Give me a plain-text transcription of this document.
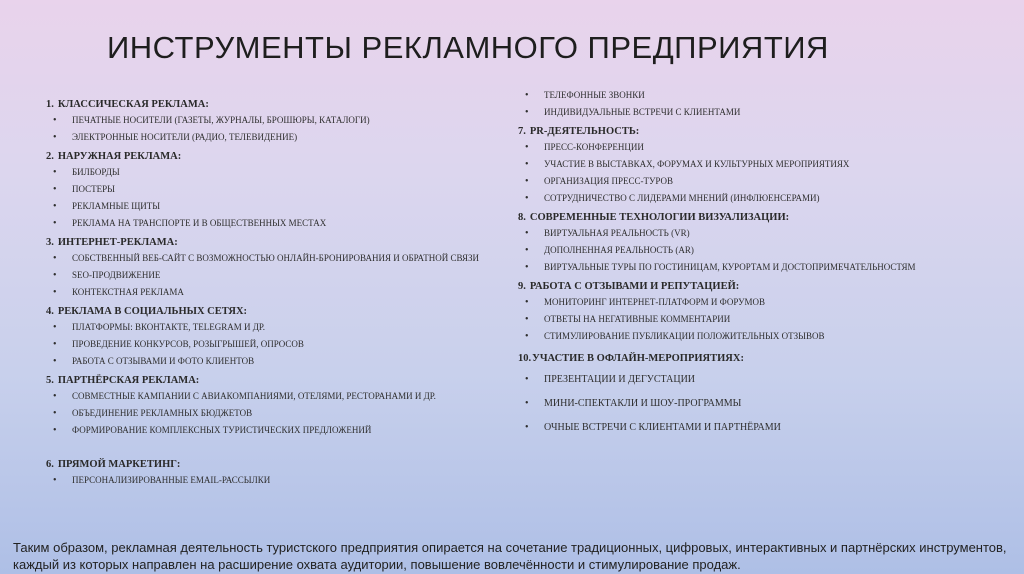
ИНСТРУМЕНТЫ РЕКЛАМНОГО ПРЕДПРИЯТИЯ
1. КЛАССИЧЕСКАЯ РЕКЛАМА:
• ПЕЧАТНЫЕ НОСИТЕЛИ (ГАЗЕТЫ, ЖУРНАЛЫ, БРОШЮРЫ, КАТАЛОГИ)
• ЭЛЕКТРОННЫЕ НОСИТЕЛИ (РАДИО, ТЕЛЕВИДЕНИЕ)
2. НАРУЖНАЯ РЕКЛАМА:
• БИЛБОРДЫ
• ПОСТЕРЫ
• РЕКЛАМНЫЕ ЩИТЫ
• РЕКЛАМА НА ТРАНСПОРТЕ И В ОБЩЕСТВЕННЫХ МЕСТАХ
3. ИНТЕРНЕТ-РЕКЛАМА:
• СОБСТВЕННЫЙ ВЕБ-САЙТ С ВОЗМОЖНОСТЬЮ ОНЛАЙН-БРОНИРОВАНИЯ И ОБРАТНОЙ СВЯЗИ
• SEO-ПРОДВИЖЕНИЕ
• КОНТЕКСТНАЯ РЕКЛАМА
4. РЕКЛАМА В СОЦИАЛЬНЫХ СЕТЯХ:
• ПЛАТФОРМЫ: ВКОНТАКТЕ, TELEGRAM И ДР.
• ПРОВЕДЕНИЕ КОНКУРСОВ, РОЗЫГРЫШЕЙ, ОПРОСОВ
• РАБОТА С ОТЗЫВАМИ И ФОТО КЛИЕНТОВ
5. ПАРТНЁРСКАЯ РЕКЛАМА:
• СОВМЕСТНЫЕ КАМПАНИИ С АВИАКОМПАНИЯМИ, ОТЕЛЯМИ, РЕСТОРАНАМИ И ДР.
• ОБЪЕДИНЕНИЕ РЕКЛАМНЫХ БЮДЖЕТОВ
• ФОРМИРОВАНИЕ КОМПЛЕКСНЫХ ТУРИСТИЧЕСКИХ ПРЕДЛОЖЕНИЙ
6. ПРЯМОЙ МАРКЕТИНГ:
• ПЕРСОНАЛИЗИРОВАННЫЕ EMAIL-РАССЫЛКИ
• ТЕЛЕФОННЫЕ ЗВОНКИ
• ИНДИВИДУАЛЬНЫЕ ВСТРЕЧИ С КЛИЕНТАМИ
7. PR-ДЕЯТЕЛЬНОСТЬ:
• ПРЕСС-КОНФЕРЕНЦИИ
• УЧАСТИЕ В ВЫСТАВКАХ, ФОРУМАХ И КУЛЬТУРНЫХ МЕРОПРИЯТИЯХ
• ОРГАНИЗАЦИЯ ПРЕСС-ТУРОВ
• СОТРУДНИЧЕСТВО С ЛИДЕРАМИ МНЕНИЙ (ИНФЛЮЕНСЕРАМИ)
8. СОВРЕМЕННЫЕ ТЕХНОЛОГИИ ВИЗУАЛИЗАЦИИ:
• ВИРТУАЛЬНАЯ РЕАЛЬНОСТЬ (VR)
• ДОПОЛНЕННАЯ РЕАЛЬНОСТЬ (AR)
• ВИРТУАЛЬНЫЕ ТУРЫ ПО ГОСТИНИЦАМ, КУРОРТАМ И ДОСТОПРИМЕЧАТЕЛЬНОСТЯМ
9. РАБОТА С ОТЗЫВАМИ И РЕПУТАЦИЕЙ:
• МОНИТОРИНГ ИНТЕРНЕТ-ПЛАТФОРМ И ФОРУМОВ
• ОТВЕТЫ НА НЕГАТИВНЫЕ КОММЕНТАРИИ
• СТИМУЛИРОВАНИЕ ПУБЛИКАЦИИ ПОЛОЖИТЕЛЬНЫХ ОТЗЫВОВ
10.УЧАСТИЕ В ОФЛАЙН-МЕРОПРИЯТИЯХ:
• ПРЕЗЕНТАЦИИ И ДЕГУСТАЦИИ
• МИНИ-СПЕКТАКЛИ И ШОУ-ПРОГРАММЫ
• ОЧНЫЕ ВСТРЕЧИ С КЛИЕНТАМИ И ПАРТНЁРАМИ
Таким образом, рекламная деятельность туристского предприятия опирается на сочетание традиционных, цифровых, интерактивных и партнёрских инструментов, каждый из которых направлен на расширение охвата аудитории, повышение вовлечённости и стимулирование продаж.
